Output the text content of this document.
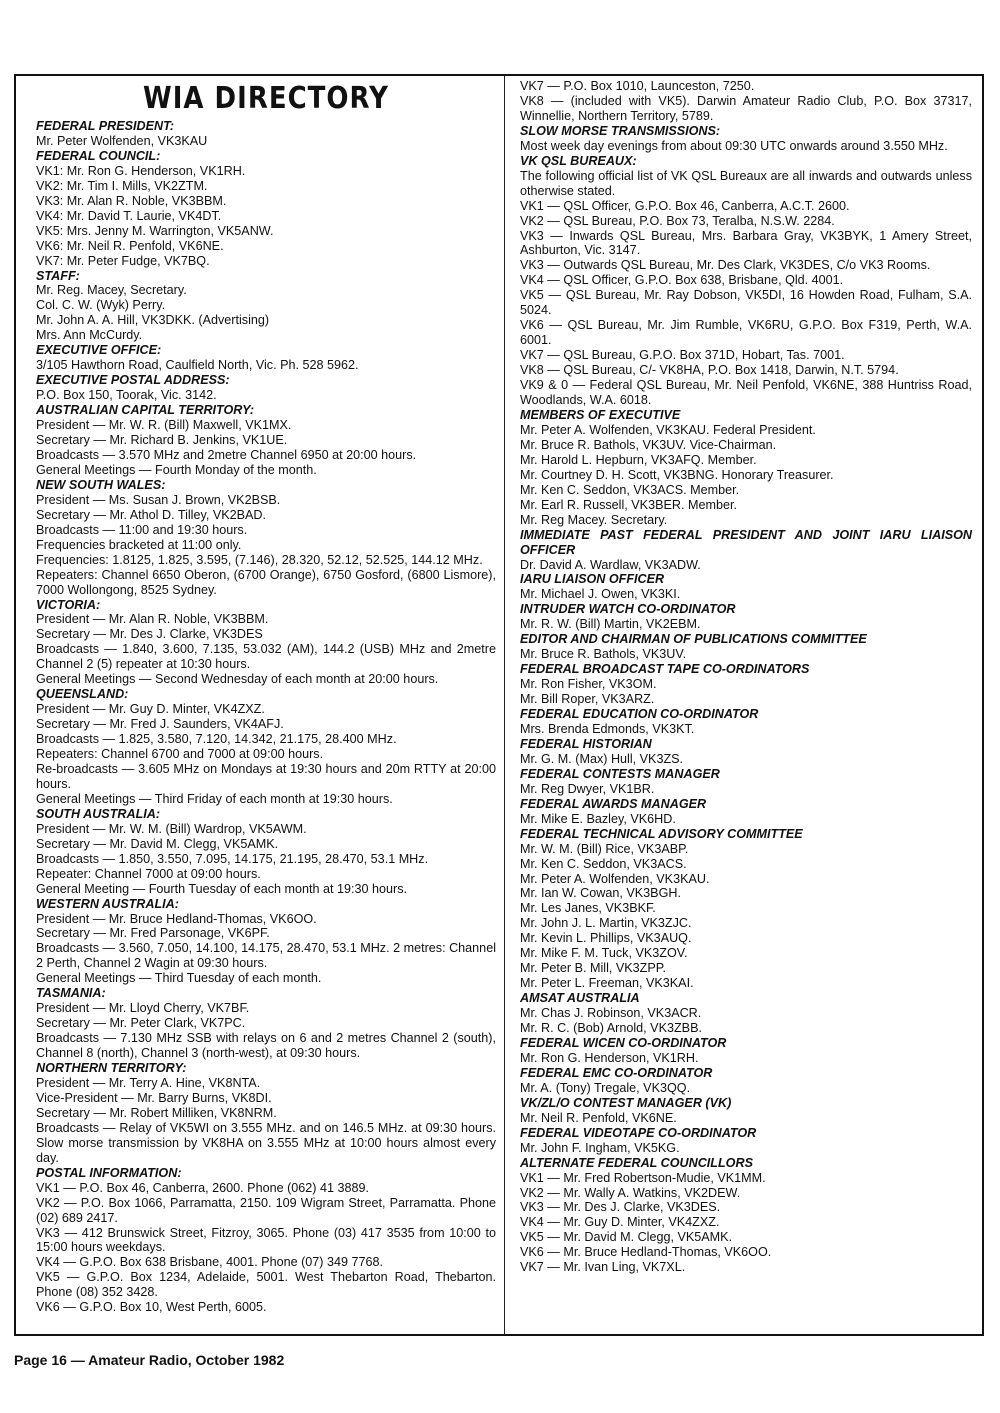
WIA DIRECTORY
FEDERAL PRESIDENT:
Mr. Peter Wolfenden, VK3KAU
FEDERAL COUNCIL:
VK1: Mr. Ron G. Henderson, VK1RH.
VK2: Mr. Tim I. Mills, VK2ZTM.
VK3: Mr. Alan R. Noble, VK3BBM.
VK4: Mr. David T. Laurie, VK4DT.
VK5: Mrs. Jenny M. Warrington, VK5ANW.
VK6: Mr. Neil R. Penfold, VK6NE.
VK7: Mr. Peter Fudge, VK7BQ.
STAFF:
Mr. Reg. Macey, Secretary.
Col. C. W. (Wyk) Perry.
Mr. John A. A. Hill, VK3DKK. (Advertising)
Mrs. Ann McCurdy.
EXECUTIVE OFFICE:
3/105 Hawthorn Road, Caulfield North, Vic. Ph. 528 5962.
EXECUTIVE POSTAL ADDRESS:
P.O. Box 150, Toorak, Vic. 3142.
AUSTRALIAN CAPITAL TERRITORY:
President — Mr. W. R. (Bill) Maxwell, VK1MX.
Secretary — Mr. Richard B. Jenkins, VK1UE.
Broadcasts — 3.570 MHz and 2metre Channel 6950 at 20:00 hours.
General Meetings — Fourth Monday of the month.
NEW SOUTH WALES:
President — Ms. Susan J. Brown, VK2BSB.
Secretary — Mr. Athol D. Tilley, VK2BAD.
Broadcasts — 11:00 and 19:30 hours.
Frequencies bracketed at 11:00 only.
Frequencies: 1.8125, 1.825, 3.595, (7.146), 28.320, 52.12, 52.525, 144.12 MHz.
Repeaters: Channel 6650 Oberon, (6700 Orange), 6750 Gosford, (6800 Lismore), 7000 Wollongong, 8525 Sydney.
VICTORIA:
President — Mr. Alan R. Noble, VK3BBM.
Secretary — Mr. Des J. Clarke, VK3DES
Broadcasts — 1.840, 3.600, 7.135, 53.032 (AM), 144.2 (USB) MHz and 2metre Channel 2 (5) repeater at 10:30 hours.
General Meetings — Second Wednesday of each month at 20:00 hours.
QUEENSLAND:
President — Mr. Guy D. Minter, VK4ZXZ.
Secretary — Mr. Fred J. Saunders, VK4AFJ.
Broadcasts — 1.825, 3.580, 7.120, 14.342, 21.175, 28.400 MHz.
Repeaters: Channel 6700 and 7000 at 09:00 hours.
Re-broadcasts — 3.605 MHz on Mondays at 19:30 hours and 20m RTTY at 20:00 hours.
General Meetings — Third Friday of each month at 19:30 hours.
SOUTH AUSTRALIA:
President — Mr. W. M. (Bill) Wardrop, VK5AWM.
Secretary — Mr. David M. Clegg, VK5AMK.
Broadcasts — 1.850, 3.550, 7.095, 14.175, 21.195, 28.470, 53.1 MHz.
Repeater: Channel 7000 at 09:00 hours.
General Meeting — Fourth Tuesday of each month at 19:30 hours.
WESTERN AUSTRALIA:
President — Mr. Bruce Hedland-Thomas, VK6OO.
Secretary — Mr. Fred Parsonage, VK6PF.
Broadcasts — 3.560, 7.050, 14.100, 14.175, 28.470, 53.1 MHz. 2 metres: Channel 2 Perth, Channel 2 Wagin at 09:30 hours.
General Meetings — Third Tuesday of each month.
TASMANIA:
President — Mr. Lloyd Cherry, VK7BF.
Secretary — Mr. Peter Clark, VK7PC.
Broadcasts — 7.130 MHz SSB with relays on 6 and 2 metres Channel 2 (south), Channel 8 (north), Channel 3 (north-west), at 09:30 hours.
NORTHERN TERRITORY:
President — Mr. Terry A. Hine, VK8NTA.
Vice-President — Mr. Barry Burns, VK8DI.
Secretary — Mr. Robert Milliken, VK8NRM.
Broadcasts — Relay of VK5WI on 3.555 MHz. and on 146.5 MHz. at 09:30 hours. Slow morse transmission by VK8HA on 3.555 MHz at 10:00 hours almost every day.
POSTAL INFORMATION:
VK1 — P.O. Box 46, Canberra, 2600. Phone (062) 41 3889.
VK2 — P.O. Box 1066, Parramatta, 2150. 109 Wigram Street, Parramatta. Phone (02) 689 2417.
VK3 — 412 Brunswick Street, Fitzroy, 3065. Phone (03) 417 3535 from 10:00 to 15:00 hours weekdays.
VK4 — G.P.O. Box 638 Brisbane, 4001. Phone (07) 349 7768.
VK5 — G.P.O. Box 1234, Adelaide, 5001. West Thebarton Road, Thebarton. Phone (08) 352 3428.
VK6 — G.P.O. Box 10, West Perth, 6005.
VK7 — P.O. Box 1010, Launceston, 7250.
VK8 — (included with VK5). Darwin Amateur Radio Club, P.O. Box 37317, Winnellie, Northern Territory, 5789.
SLOW MORSE TRANSMISSIONS:
Most week day evenings from about 09:30 UTC onwards around 3.550 MHz.
VK QSL BUREAUX:
The following official list of VK QSL Bureaux are all inwards and outwards unless otherwise stated.
VK1 — QSL Officer, G.P.O. Box 46, Canberra, A.C.T. 2600.
VK2 — QSL Bureau, P.O. Box 73, Teralba, N.S.W. 2284.
VK3 — Inwards QSL Bureau, Mrs. Barbara Gray, VK3BYK, 1 Amery Street, Ashburton, Vic. 3147.
VK3 — Outwards QSL Bureau, Mr. Des Clark, VK3DES, C/o VK3 Rooms.
VK4 — QSL Officer, G.P.O. Box 638, Brisbane, Qld. 4001.
VK5 — QSL Bureau, Mr. Ray Dobson, VK5DI, 16 Howden Road, Fulham, S.A. 5024.
VK6 — QSL Bureau, Mr. Jim Rumble, VK6RU, G.P.O. Box F319, Perth, W.A. 6001.
VK7 — QSL Bureau, G.P.O. Box 371D, Hobart, Tas. 7001.
VK8 — QSL Bureau, C/- VK8HA, P.O. Box 1418, Darwin, N.T. 5794.
VK9 & 0 — Federal QSL Bureau, Mr. Neil Penfold, VK6NE, 388 Huntriss Road, Woodlands, W.A. 6018.
MEMBERS OF EXECUTIVE
Mr. Peter A. Wolfenden, VK3KAU. Federal President.
Mr. Bruce R. Bathols, VK3UV. Vice-Chairman.
Mr. Harold L. Hepburn, VK3AFQ. Member.
Mr. Courtney D. H. Scott, VK3BNG. Honorary Treasurer.
Mr. Ken C. Seddon, VK3ACS. Member.
Mr. Earl R. Russell, VK3BER. Member.
Mr. Reg Macey. Secretary.
IMMEDIATE PAST FEDERAL PRESIDENT AND JOINT IARU LIAISON OFFICER
Dr. David A. Wardlaw, VK3ADW.
IARU LIAISON OFFICER
Mr. Michael J. Owen, VK3KI.
INTRUDER WATCH CO-ORDINATOR
Mr. R. W. (Bill) Martin, VK2EBM.
EDITOR AND CHAIRMAN OF PUBLICATIONS COMMITTEE
Mr. Bruce R. Bathols, VK3UV.
FEDERAL BROADCAST TAPE CO-ORDINATORS
Mr. Ron Fisher, VK3OM.
Mr. Bill Roper, VK3ARZ.
FEDERAL EDUCATION CO-ORDINATOR
Mrs. Brenda Edmonds, VK3KT.
FEDERAL HISTORIAN
Mr. G. M. (Max) Hull, VK3ZS.
FEDERAL CONTESTS MANAGER
Mr. Reg Dwyer, VK1BR.
FEDERAL AWARDS MANAGER
Mr. Mike E. Bazley, VK6HD.
FEDERAL TECHNICAL ADVISORY COMMITTEE
Mr. W. M. (Bill) Rice, VK3ABP.
Mr. Ken C. Seddon, VK3ACS.
Mr. Peter A. Wolfenden, VK3KAU.
Mr. Ian W. Cowan, VK3BGH.
Mr. Les Janes, VK3BKF.
Mr. John J. L. Martin, VK3ZJC.
Mr. Kevin L. Phillips, VK3AUQ.
Mr. Mike F. M. Tuck, VK3ZOV.
Mr. Peter B. Mill, VK3ZPP.
Mr. Peter L. Freeman, VK3KAI.
AMSAT AUSTRALIA
Mr. Chas J. Robinson, VK3ACR.
Mr. R. C. (Bob) Arnold, VK3ZBB.
FEDERAL WICEN CO-ORDINATOR
Mr. Ron G. Henderson, VK1RH.
FEDERAL EMC CO-ORDINATOR
Mr. A. (Tony) Tregale, VK3QQ.
VK/ZL/O CONTEST MANAGER (VK)
Mr. Neil R. Penfold, VK6NE.
FEDERAL VIDEOTAPE CO-ORDINATOR
Mr. John F. Ingham, VK5KG.
ALTERNATE FEDERAL COUNCILLORS
VK1 — Mr. Fred Robertson-Mudie, VK1MM.
VK2 — Mr. Wally A. Watkins, VK2DEW.
VK3 — Mr. Des J. Clarke, VK3DES.
VK4 — Mr. Guy D. Minter, VK4ZXZ.
VK5 — Mr. David M. Clegg, VK5AMK.
VK6 — Mr. Bruce Hedland-Thomas, VK6OO.
VK7 — Mr. Ivan Ling, VK7XL.
Page 16 — Amateur Radio, October 1982
